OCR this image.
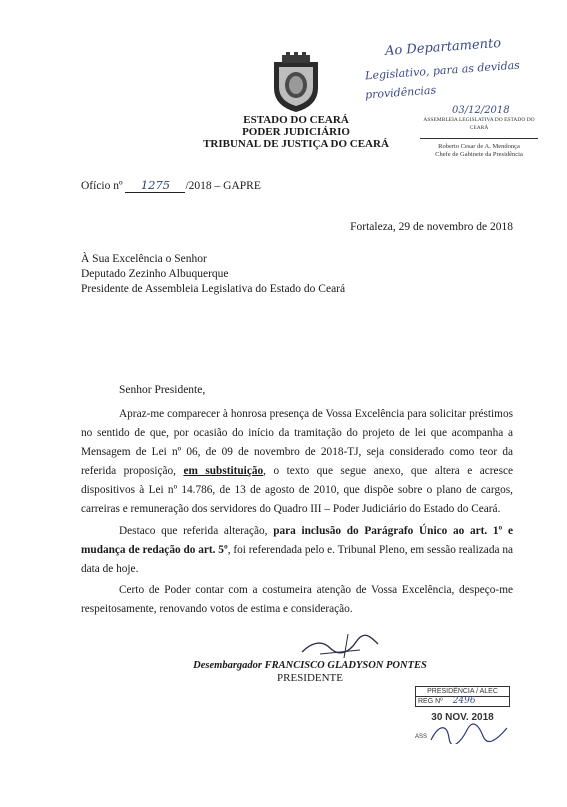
ESTADO DO CEARÁ
PODER JUDICIÁRIO
TRIBUNAL DE JUSTIÇA DO CEARÁ
Ao Departamento
Legislativo, para as devidas
providências
03/12/2018
ASSEMBLEIA LEGISLATIVA DO ESTADO DO CEARÁ
Roberto Cesar de A. Mendonça
Chefe de Gabinete da Presidência
Ofício nº 1275 /2018 – GAPRE
Fortaleza, 29 de novembro de 2018
À Sua Excelência o Senhor
Deputado Zezinho Albuquerque
Presidente de Assembleia Legislativa do Estado do Ceará
Senhor Presidente,
Apraz-me comparecer à honrosa presença de Vossa Excelência para solicitar préstimos no sentido de que, por ocasião do início da tramitação do projeto de lei que acompanha a Mensagem de Lei nº 06, de 09 de novembro de 2018-TJ, seja considerado como teor da referida proposição, em substituição, o texto que segue anexo, que altera e acresce dispositivos à Lei nº 14.786, de 13 de agosto de 2010, que dispõe sobre o plano de cargos, carreiras e remuneração dos servidores do Quadro III – Poder Judiciário do Estado do Ceará.
Destaco que referida alteração, para inclusão do Parágrafo Único ao art. 1º e mudança de redação do art. 5º, foi referendada pelo e. Tribunal Pleno, em sessão realizada na data de hoje.
Certo de Poder contar com a costumeira atenção de Vossa Excelência, despeço-me respeitosamente, renovando votos de estima e consideração.
Desembargador FRANCISCO GLADYSON PONTES
PRESIDENTE
PRESIDÊNCIA / ALEC
REG Nº 2496
30 NOV. 2018
ASS
